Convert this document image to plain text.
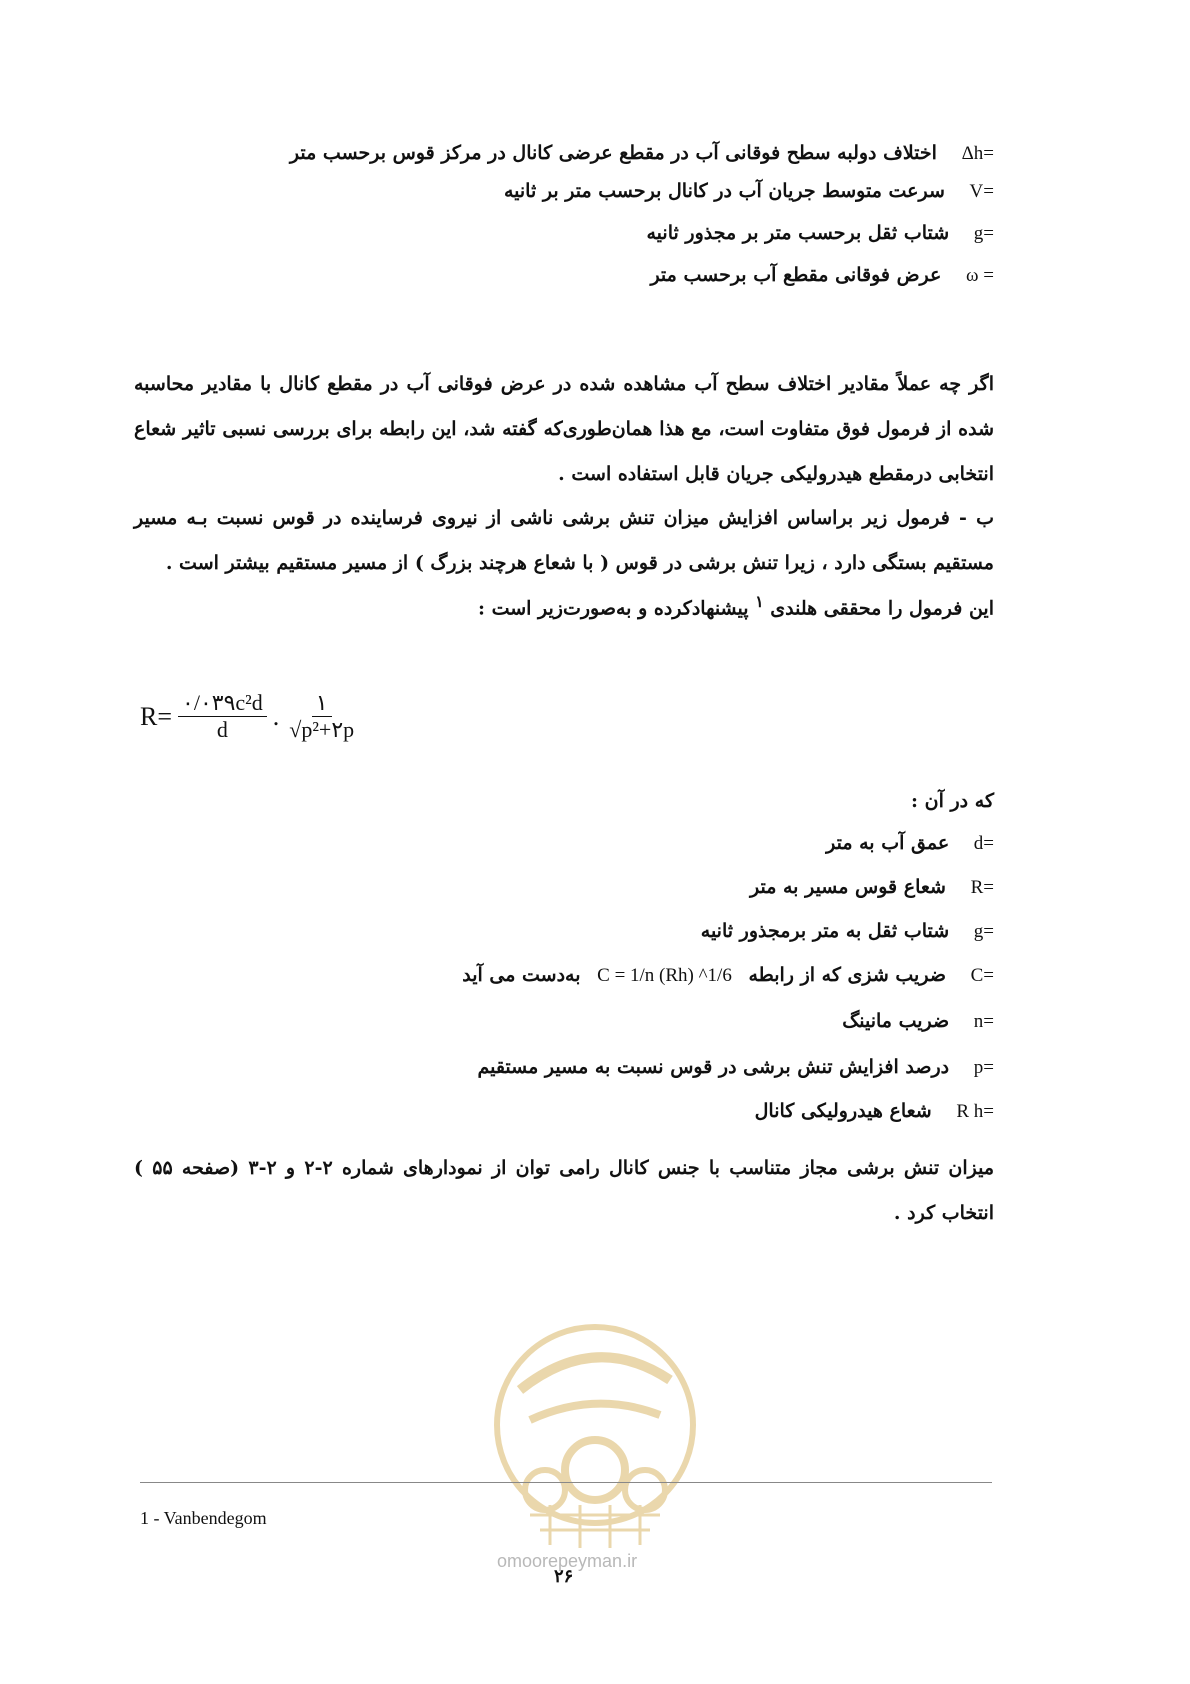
=Δh اختلاف دولبه سطح فوقانی آب در مقطع عرضی کانال در مرکز قوس برحسب متر
=V سرعت متوسط جریان آب در کانال برحسب متر بر ثانیه
=g شتاب ثقل برحسب متر بر مجذور ثانیه
= ω عرض فوقانی مقطع آب برحسب متر
اگر چه عملاً مقادیر اختلاف سطح آب مشاهده شده در عرض فوقانی آب در مقطع کانال با مقادیر محاسبه شده از فرمول فوق متفاوت است، مع هذا همان‌طوری‌که گفته شد، این رابطه برای بررسی نسبی تاثیر شعاع انتخابی درمقطع هیدرولیکی جریان قابل استفاده است .
ب - فرمول زیر براساس افزایش میزان تنش برشی ناشی از نیروی فرساینده در قوس نسبت بـه مسیر مستقیم بستگی دارد ، زیرا تنش برشی در قوس ( با شعاع هرچند بزرگ ) از مسیر مستقیم بیشتر است .
این فرمول را محققی هلندی $^۱$ پیشنهادکرده و به‌صورت‌زیر است :
$R= \frac{\text{۰/۰۳۹c²d}}{d}$ . $\frac{۱}{\text{√p²+۲p}}$
که در آن :
=d عمق آب به متر
=R شعاع قوس مسیر به متر
=g شتاب ثقل به متر برمجذور ثانیه
=C ضریب شزی که از رابطه C = 1/n (Rh) ^1/6 به‌دست می آید
=n ضریب مانینگ
=p درصد افزایش تنش برشی در قوس نسبت به مسیر مستقیم
=R h شعاع هیدرولیکی کانال
میزان تنش برشی مجاز متناسب با جنس کانال رامی توان از نمودارهای شماره ۲-۲ و ۲-۳ (صفحه ۵۵ ) انتخاب کرد .
1 - Vanbendegom
omoorepeyman.ir
۲۶
